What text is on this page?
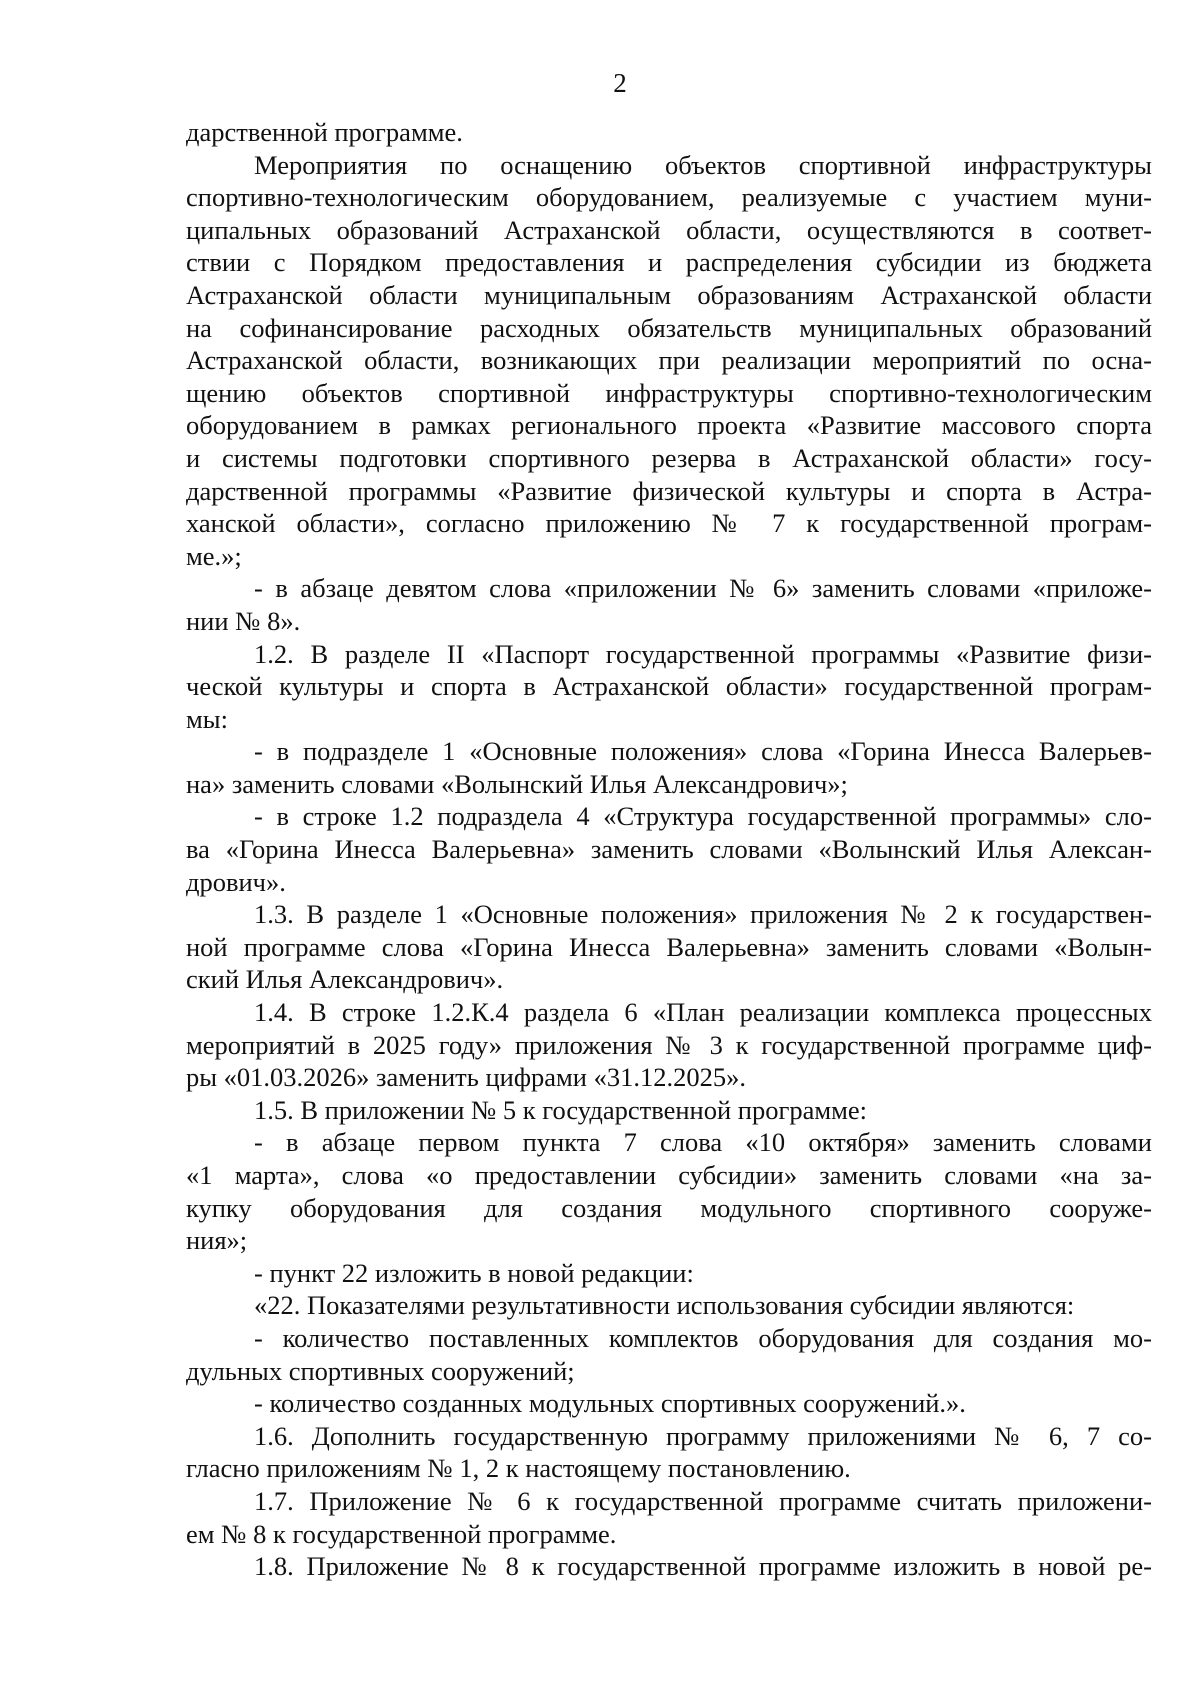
2
дарственной программе.
Мероприятия по оснащению объектов спортивной инфраструктуры
спортивно-технологическим оборудованием, реализуемые с участием муни-
ципальных образований Астраханской области, осуществляются в соответ-
ствии с Порядком предоставления и распределения субсидии из бюджета
Астраханской области муниципальным образованиям Астраханской области
на софинансирование расходных обязательств муниципальных образований
Астраханской области, возникающих при реализации мероприятий по осна-
щению объектов спортивной инфраструктуры спортивно-технологическим
оборудованием в рамках регионального проекта «Развитие массового спорта
и системы подготовки спортивного резерва в Астраханской области» госу-
дарственной программы «Развитие физической культуры и спорта в Астра-
ханской области», согласно приложению № 7 к государственной програм-
ме.»;
- в абзаце девятом слова «приложении № 6» заменить словами «приложе-
нии № 8».
1.2. В разделе II «Паспорт государственной программы «Развитие физи-
ческой культуры и спорта в Астраханской области» государственной програм-
мы:
- в подразделе 1 «Основные положения» слова «Горина Инесса Валерьев-
на» заменить словами «Волынский Илья Александрович»;
- в строке 1.2 подраздела 4 «Структура государственной программы» сло-
ва «Горина Инесса Валерьевна» заменить словами «Волынский Илья Алексан-
дрович».
1.3. В разделе 1 «Основные положения» приложения № 2 к государствен-
ной программе слова «Горина Инесса Валерьевна» заменить словами «Волын-
ский Илья Александрович».
1.4. В строке 1.2.К.4 раздела 6 «План реализации комплекса процессных
мероприятий в 2025 году» приложения № 3 к государственной программе циф-
ры «01.03.2026» заменить цифрами «31.12.2025».
1.5. В приложении № 5 к государственной программе:
- в абзаце первом пункта 7 слова «10 октября» заменить словами
«1 марта», слова «о предоставлении субсидии» заменить словами «на за-
купку оборудования для создания модульного спортивного сооруже-
ния»;
- пункт 22 изложить в новой редакции:
«22. Показателями результативности использования субсидии являются:
- количество поставленных комплектов оборудования для создания мо-
дульных спортивных сооружений;
- количество созданных модульных спортивных сооружений.».
1.6. Дополнить государственную программу приложениями № 6, 7 со-
гласно приложениям № 1, 2 к настоящему постановлению.
1.7. Приложение № 6 к государственной программе считать приложени-
ем № 8 к государственной программе.
1.8. Приложение № 8 к государственной программе изложить в новой ре-
